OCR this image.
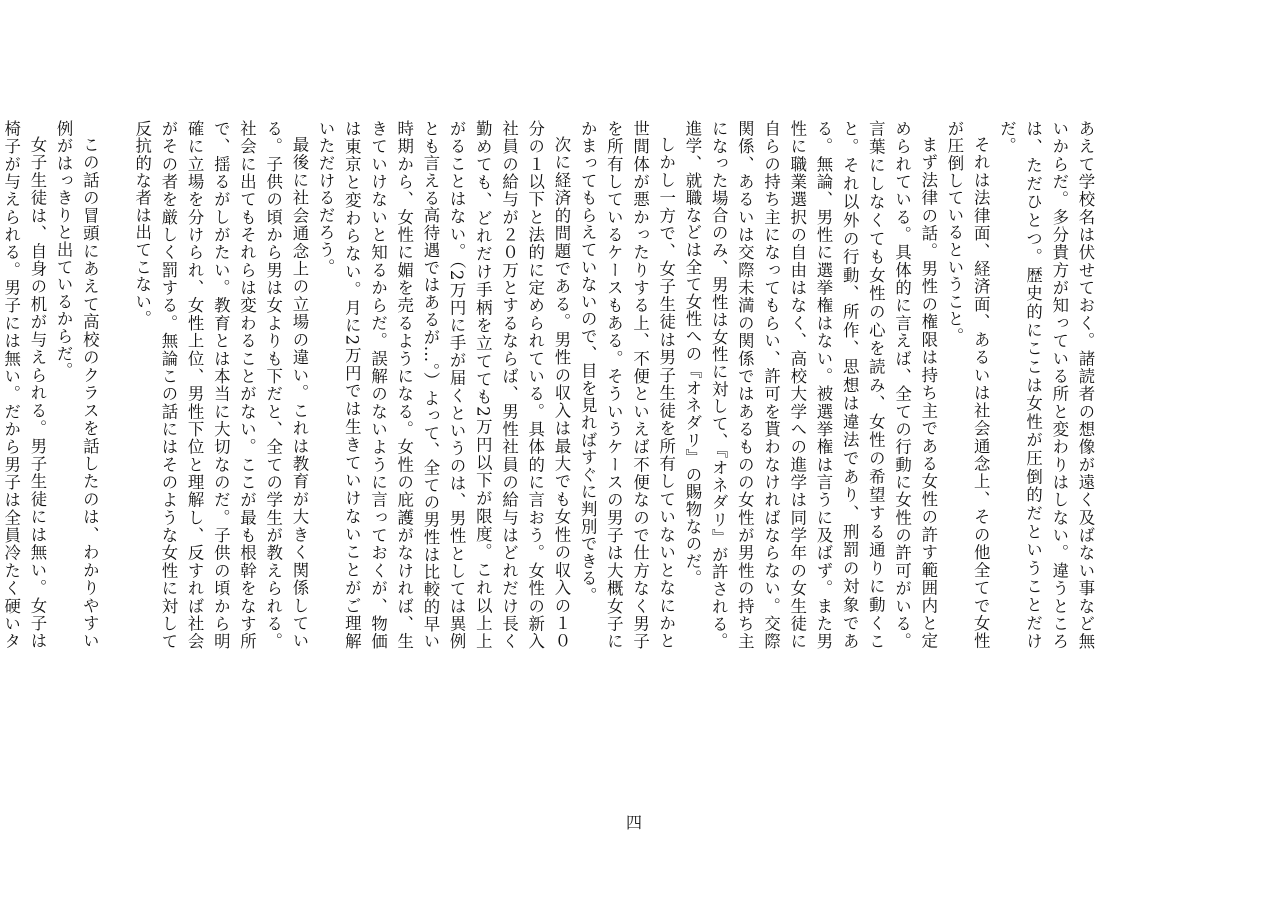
あえて学校名は伏せておく。諸読者の想像が遠く及ばない事など無いからだ。多分貴方が知っている所と変わりはしない。違うところは、ただひとつ。歴史的にここは女性が圧倒的だということだけだ。

それは法律面、経済面、あるいは社会通念上、その他全てで女性が圧倒しているということ。

まず法律の話。男性の権限は持ち主である女性の許す範囲内と定められている。具体的に言えば、全ての行動に女性の許可がいる。言葉にしなくても女性の心を読み、女性の希望する通りに動くこと。それ以外の行動、所作、思想は違法であり、刑罰の対象である。無論、男性に選挙権はない。被選挙権は言うに及ばず。また男性に職業選択の自由はなく、高校大学への進学は同学年の女生徒に自らの持ち主になってもらい、許可を貰わなければならない。交際関係、あるいは交際未満の関係ではあるものの女性が男性の持ち主になった場合のみ、男性は女性に対して、『オネダリ』が許される。進学、就職などは全て女性への『オネダリ』の賜物なのだ。

しかし一方で、女子生徒は男子生徒を所有していないとなにかと世間体が悪かったりする上、不便といえば不便なので仕方なく男子を所有しているケースもある。そういうケースの男子は大概女子にかまってもらえていないので、目を見ればすぐに判別できる。

次に経済的問題である。男性の収入は最大でも女性の収入の１０分の１以下と法的に定められている。具体的に言おう。女性の新入社員の給与が２０万とするならば、男性社員の給与はどれだけ長く勤めても、どれだけ手柄を立てても2万円以下が限度。これ以上上がることはない。（2万円に手が届くというのは、男性としては異例とも言える高待遇ではあるが…。）よって、全ての男性は比較的早い時期から、女性に媚を売るようになる。女性の庇護がなければ、生きていけないと知るからだ。誤解のないように言っておくが、物価は東京と変わらない。月に2万円では生きていけないことがご理解いただけるだろう。

最後に社会通念上の立場の違い。これは教育が大きく関係している。子供の頃から男は女よりも下だと、全ての学生が教えられる。社会に出てもそれらは変わることがない。ここが最も根幹をなす所で、揺るがしがたい。教育とは本当に大切なのだ。子供の頃から明確に立場を分けられ、女性上位、男性下位と理解し、反すれば社会がその者を厳しく罰する。無論この話にはそのような女性に対して反抗的な者は出てこない。

この話の冒頭にあえて高校のクラスを話したのは、わかりやすい例がはっきりと出ているからだ。

女子生徒は、自身の机が与えられる。男子生徒には無い。女子は椅子が与えられる。男子には無い。だから男子は全員冷たく硬いタ

四
